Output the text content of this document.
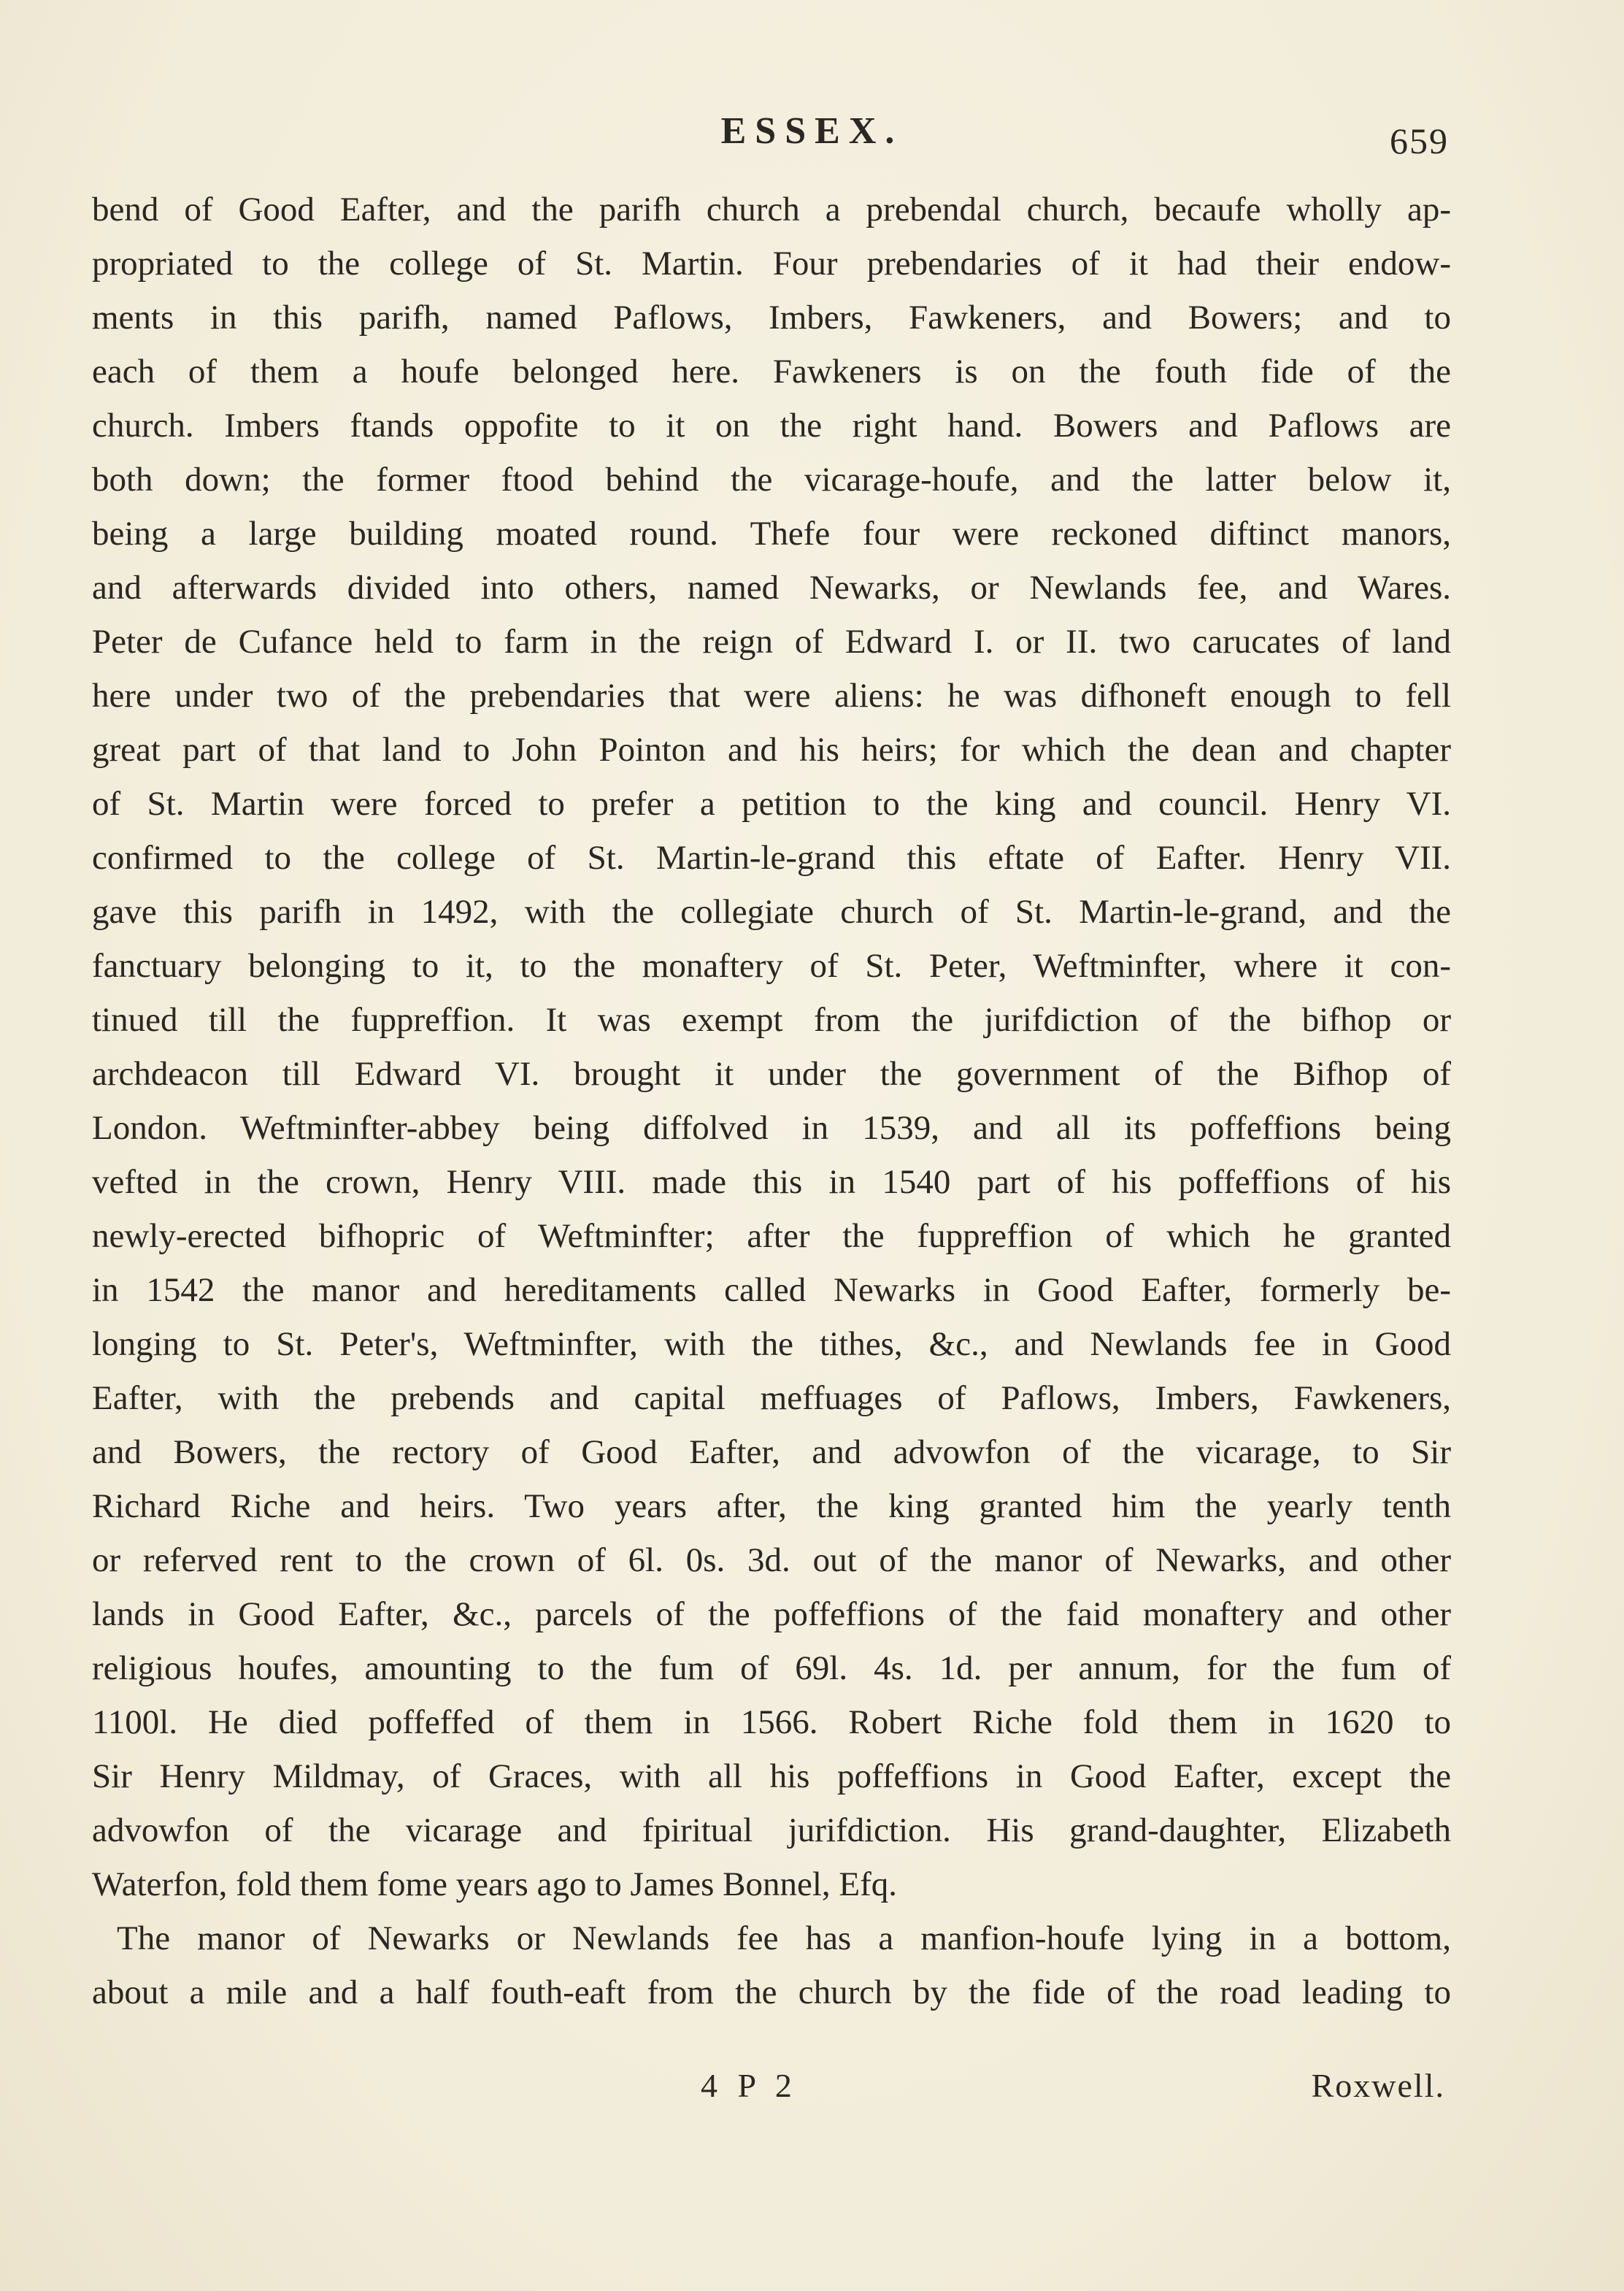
ESSEX.	659
bend of Good Eafter, and the parifh church a prebendal church, becaufe wholly ap-
propriated to the college of St. Martin. Four prebendaries of it had their endow-
ments in this parifh, named Paflows, Imbers, Fawkeners, and Bowers; and to
each of them a houfe belonged here. Fawkeners is on the fouth fide of the
church. Imbers ftands oppofite to it on the right hand. Bowers and Paflows are
both down; the former ftood behind the vicarage-houfe, and the latter below it,
being a large building moated round. Thefe four were reckoned diftinct manors,
and afterwards divided into others, named Newarks, or Newlands fee, and Wares.
Peter de Cufance held to farm in the reign of Edward I. or II. two carucates of land
here under two of the prebendaries that were aliens: he was difhoneft enough to fell
great part of that land to John Pointon and his heirs; for which the dean and chapter
of St. Martin were forced to prefer a petition to the king and council. Henry VI.
confirmed to the college of St. Martin-le-grand this eftate of Eafter. Henry VII.
gave this parifh in 1492, with the collegiate church of St. Martin-le-grand, and the
fanctuary belonging to it, to the monaftery of St. Peter, Weftminfter, where it con-
tinued till the fuppreffion. It was exempt from the jurifdiction of the bifhop or
archdeacon till Edward VI. brought it under the government of the Bifhop of
London. Weftminfter-abbey being diffolved in 1539, and all its poffeffions being
vefted in the crown, Henry VIII. made this in 1540 part of his poffeffions of his
newly-erected bifhopric of Weftminfter; after the fuppreffion of which he granted
in 1542 the manor and hereditaments called Newarks in Good Eafter, formerly be-
longing to St. Peter's, Weftminfter, with the tithes, &c., and Newlands fee in Good
Eafter, with the prebends and capital meffuages of Paflows, Imbers, Fawkeners,
and Bowers, the rectory of Good Eafter, and advowfon of the vicarage, to Sir
Richard Riche and heirs. Two years after, the king granted him the yearly tenth
or referved rent to the crown of 6l. 0s. 3d. out of the manor of Newarks, and other
lands in Good Eafter, &c., parcels of the poffeffions of the faid monaftery and other
religious houfes, amounting to the fum of 69l. 4s. 1d. per annum, for the fum of
1100l. He died poffeffed of them in 1566. Robert Riche fold them in 1620 to
Sir Henry Mildmay, of Graces, with all his poffeffions in Good Eafter, except the
advowfon of the vicarage and fpiritual jurifdiction. His grand-daughter, Elizabeth
Waterfon, fold them fome years ago to James Bonnel, Efq.
The manor of Newarks or Newlands fee has a manfion-houfe lying in a bottom,
about a mile and a half fouth-eaft from the church by the fide of the road leading to
4 P 2	Roxwell.
